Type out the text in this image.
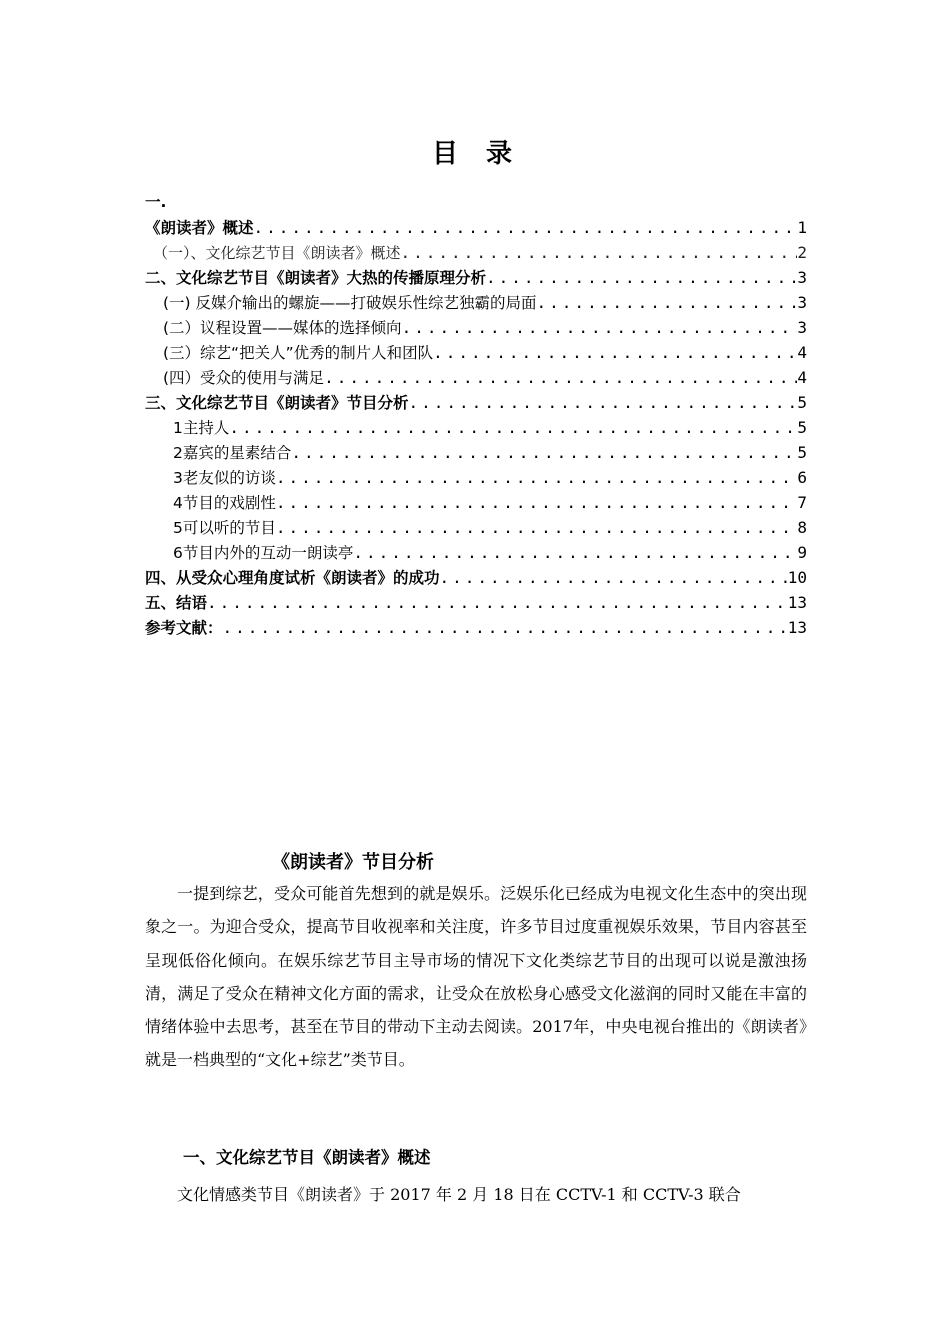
目录
一.
《朗读者》概述 .....	1
（一）、文化综艺节目《朗读者》概述 .....	2
二、文化综艺节目《朗读者》大热的传播原理分析 .....	3
(一) 反媒介输出的螺旋——打破娱乐性综艺独霸的局面 .....	3
(二）议程设置——媒体的选择倾向 .....	3
(三）综艺“把关人”优秀的制片人和团队 .....	4
(四）受众的使用与满足 .....	4
三、文化综艺节目《朗读者》节目分析 .....	5
1主持人 .....	5
2嘉宾的星素结合 .....	5
3老友似的访谈 .....	6
4节目的戏剧性 .....	7
5可以听的节目 .....	8
6节目内外的互动一朗读亭 .....	9
四、从受众心理角度试析《朗读者》的成功 .....	10
五、结语 .....	13
参考文献： .....	13
《朗读者》节目分析

一提到综艺，受众可能首先想到的就是娱乐。泛娱乐化已经成为电视文化生态中的突出现象之一。为迎合受众，提高节目收视率和关注度，许多节目过度重视娱乐效果，节目内容甚至呈现低俗化倾向。在娱乐综艺节目主导市场的情况下文化类综艺节目的出现可以说是激浊扬清，满足了受众在精神文化方面的需求，让受众在放松身心感受文化滋润的同时又能在丰富的情绪体验中去思考，甚至在节目的带动下主动去阅读。2017年，中央电视台推出的《朗读者》就是一档典型的“文化+综艺”类节目。

一、文化综艺节目《朗读者》概述

文化情感类节目《朗读者》于 2017 年 2 月 18 日在 CCTV-1 和 CCTV-3 联合
